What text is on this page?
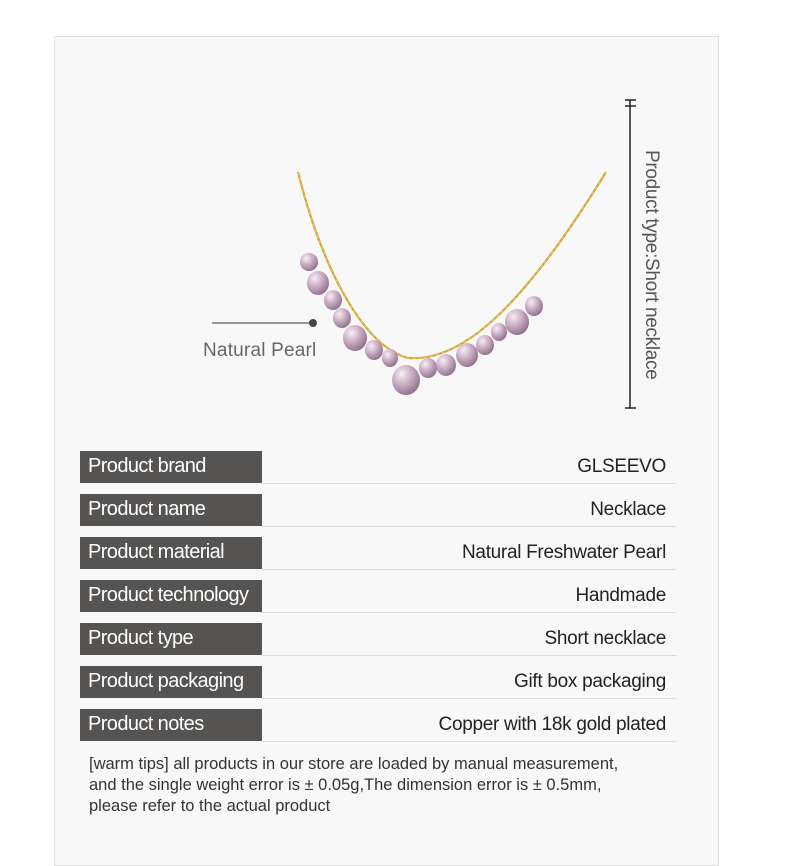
Natural Pearl	Product type:Short necklace
Product brand	GLSEEVO
Product name	Necklace
Product material	Natural Freshwater Pearl
Product technology	Handmade
Product type	Short necklace
Product packaging	Gift box packaging
Product notes	Copper with 18k gold plated
[warm tips] all products in our store are loaded by manual measurement,
and the single weight error is ± 0.05g,The dimension error is ± 0.5mm,
please refer to the actual product
